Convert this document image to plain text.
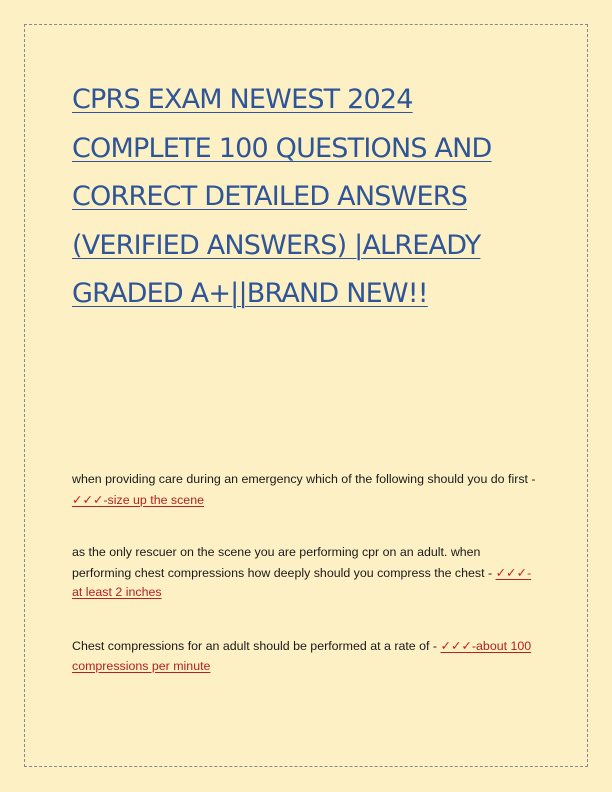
CPRS EXAM NEWEST 2024 COMPLETE 100 QUESTIONS AND CORRECT DETAILED ANSWERS (VERIFIED ANSWERS) |ALREADY GRADED A+||BRAND NEW!!

when providing care during an emergency which of the following should you do first - ✓✓✓-size up the scene

as the only rescuer on the scene you are performing cpr on an adult. when performing chest compressions how deeply should you compress the chest - ✓✓✓-at least 2 inches

Chest compressions for an adult should be performed at a rate of - ✓✓✓-about 100 compressions per minute
